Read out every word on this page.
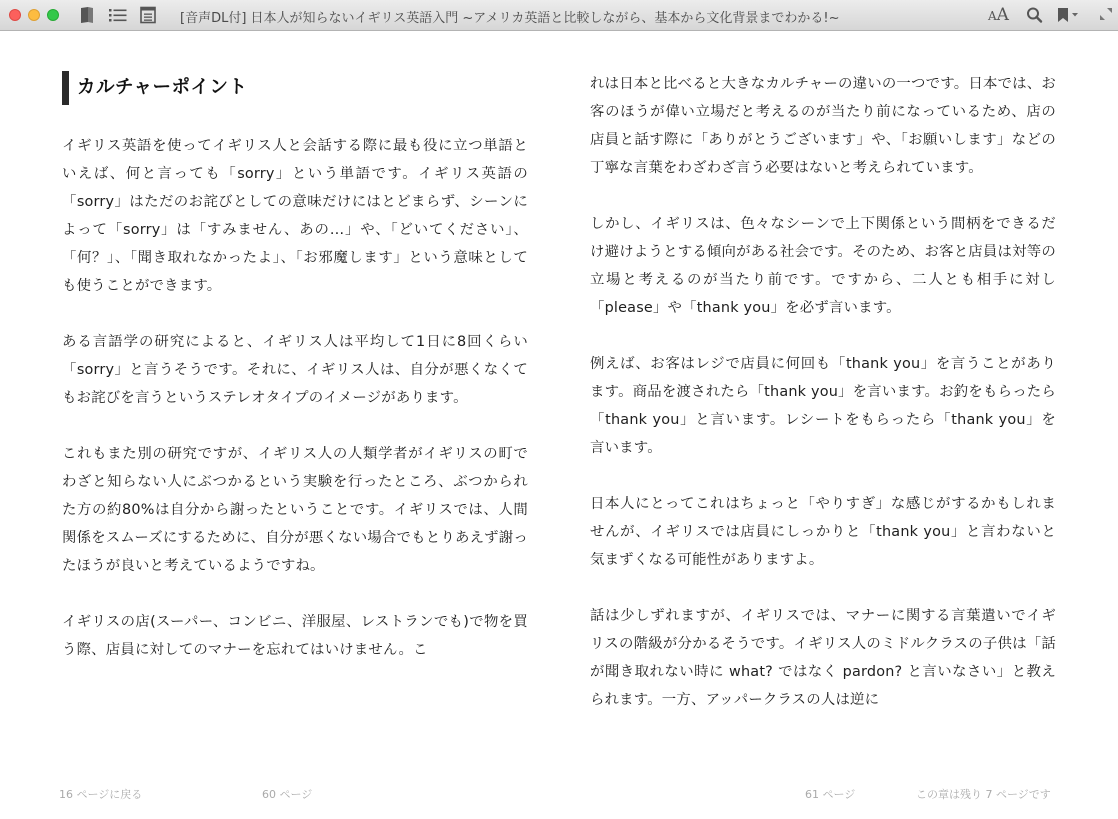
[音声DL付] 日本人が知らないイギリス英語入門 ~アメリカ英語と比較しながら、基本から文化背景までわかる!~	AA
カルチャーポイント

イギリス英語を使ってイギリス人と会話する際に最も役に立つ単語といえば、何と言っても「sorry」という単語です。イギリス英語の「sorry」はただのお詫びとしての意味だけにはとどまらず、シーンによって「sorry」は「すみません、あの…」や、「どいてください」、「何？」、「聞き取れなかったよ」、「お邪魔します」という意味としても使うことができます。

ある言語学の研究によると、イギリス人は平均して1日に8回くらい「sorry」と言うそうです。それに、イギリス人は、自分が悪くなくてもお詫びを言うというステレオタイプのイメージがあります。

これもまた別の研究ですが、イギリス人の人類学者がイギリスの町でわざと知らない人にぶつかるという実験を行ったところ、ぶつかられた方の約80%は自分から謝ったということです。イギリスでは、人間関係をスムーズにするために、自分が悪くない場合でもとりあえず謝ったほうが良いと考えているようですね。

イギリスの店(スーパー、コンビニ、洋服屋、レストランでも)で物を買う際、店員に対してのマナーを忘れてはいけません。こ

れは日本と比べると大きなカルチャーの違いの一つです。日本では、お客のほうが偉い立場だと考えるのが当たり前になっているため、店の店員と話す際に「ありがとうございます」や、「お願いします」などの丁寧な言葉をわざわざ言う必要はないと考えられています。

しかし、イギリスは、色々なシーンで上下関係という間柄をできるだけ避けようとする傾向がある社会です。そのため、お客と店員は対等の立場と考えるのが当たり前です。ですから、二人とも相手に対し「please」や「thank you」を必ず言います。

例えば、お客はレジで店員に何回も「thank you」を言うことがあります。商品を渡されたら「thank you」を言います。お釣をもらったら「thank you」と言います。レシートをもらったら「thank you」を言います。

日本人にとってこれはちょっと「やりすぎ」な感じがするかもしれませんが、イギリスでは店員にしっかりと「thank you」と言わないと気まずくなる可能性がありますよ。

話は少しずれますが、イギリスでは、マナーに関する言葉遣いでイギリスの階級が分かるそうです。イギリス人のミドルクラスの子供は「話が聞き取れない時に what? ではなく pardon? と言いなさい」と教えられます。一方、アッパークラスの人は逆に

16 ページに戻る	60 ページ	61 ページ	この章は残り 7 ページです
